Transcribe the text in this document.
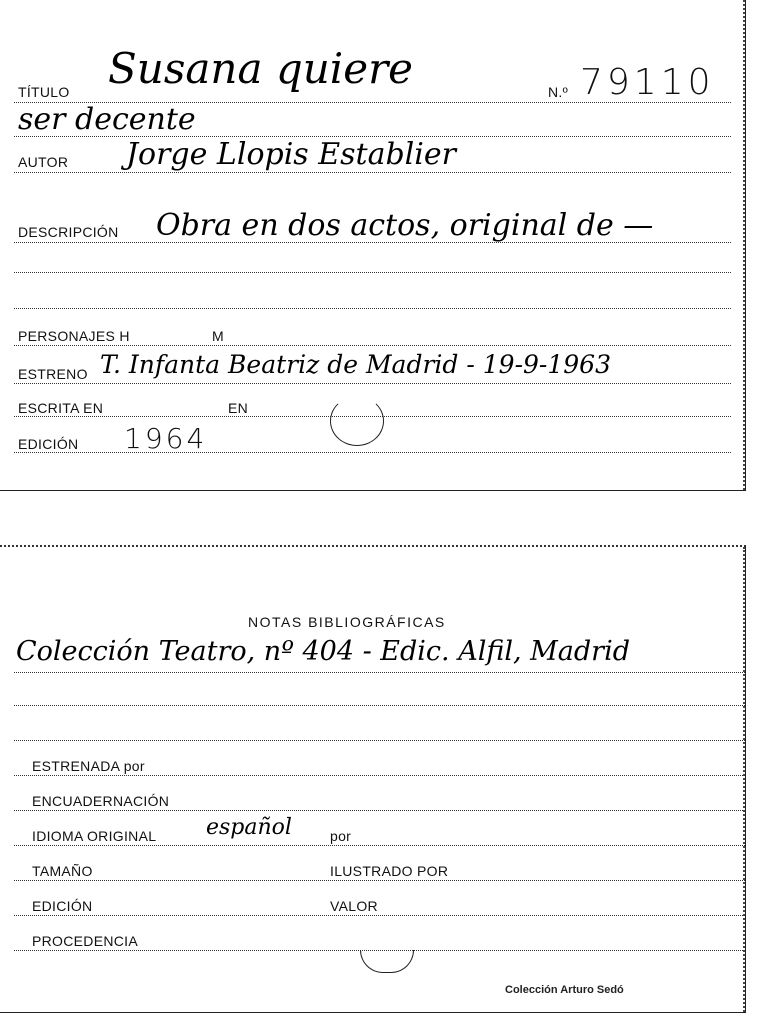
TÍTULO Susana quiere	N.º 79110
ser decente
AUTOR Jorge Llopis Establier
DESCRIPCIÓN Obra en dos actos, original de —
PERSONAJES H	M
ESTRENO T. Infanta Beatriz de Madrid - 19-9-1963
ESCRITA EN	EN
EDICIÓN 1964
NOTAS BIBLIOGRÁFICAS
Colección Teatro, nº 404 - Edic. Alfil, Madrid
ESTRENADA por
ENCUADERNACIÓN
IDIOMA ORIGINAL español	por
TAMAÑO	ILUSTRADO POR
EDICIÓN	VALOR
PROCEDENCIA
Colección Arturo Sedó
